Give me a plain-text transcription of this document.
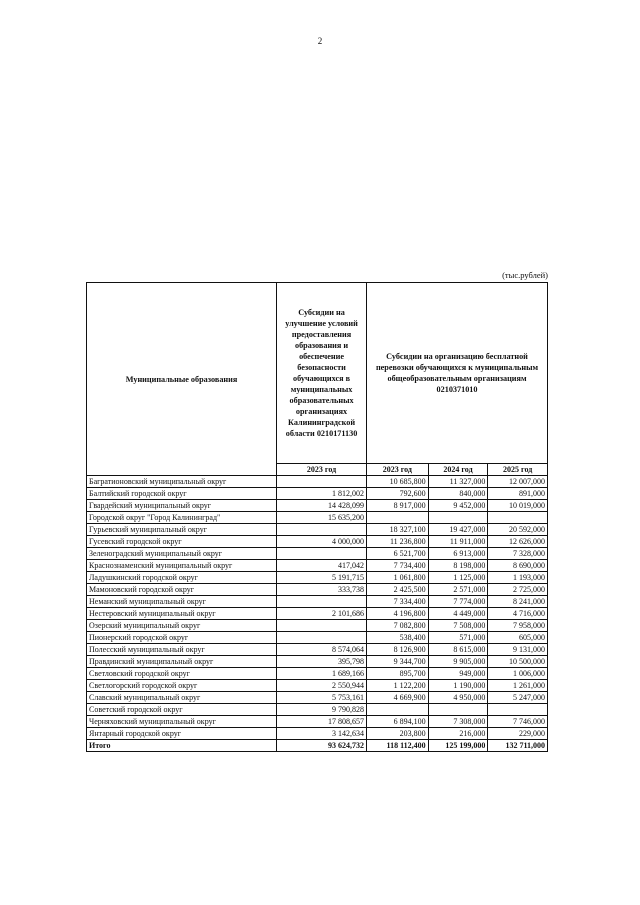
2
(тыс.рублей)
Муниципальные образования	Субсидии на улучшение условий предоставления образования и обеспечение безопасности обучающихся в муниципальных образовательных организациях Калининградской области 0210171130	Субсидии на организацию бесплатной перевозки обучающихся к муниципальным общеобразовательным организациям 0210371010		
	2023 год	2023 год	2024 год	2025 год
Багратионовский муниципальный округ		10 685,800	11 327,000	12 007,000
Балтийский городской округ	1 812,002	792,600	840,000	891,000
Гвардейский муниципальный округ	14 428,099	8 917,000	9 452,000	10 019,000
Городской округ "Город Калининград"	15 635,200			
Гурьевский муниципальный округ		18 327,100	19 427,000	20 592,000
Гусевский городской округ	4 000,000	11 236,800	11 911,000	12 626,000
Зеленоградский муниципальный округ		6 521,700	6 913,000	7 328,000
Краснознаменский муниципальный округ	417,042	7 734,400	8 198,000	8 690,000
Ладушкинский городской округ	5 191,715	1 061,800	1 125,000	1 193,000
Мамоновский городской округ	333,738	2 425,500	2 571,000	2 725,000
Неманский муниципальный округ		7 334,400	7 774,000	8 241,000
Нестеровский муниципальный округ	2 101,686	4 196,800	4 449,000	4 716,000
Озерский муниципальный округ		7 082,800	7 508,000	7 958,000
Пионерский городской округ		538,400	571,000	605,000
Полесский муниципальный округ	8 574,064	8 126,900	8 615,000	9 131,000
Правдинский муниципальный округ	395,798	9 344,700	9 905,000	10 500,000
Светловский городской округ	1 689,166	895,700	949,000	1 006,000
Светлогорский городской округ	2 550,944	1 122,200	1 190,000	1 261,000
Славский муниципальный округ	5 753,161	4 669,900	4 950,000	5 247,000
Советский городской округ	9 790,828			
Черняховский муниципальный округ	17 808,657	6 894,100	7 308,000	7 746,000
Янтарный городской округ	3 142,634	203,800	216,000	229,000
Итого	93 624,732	118 112,400	125 199,000	132 711,000
